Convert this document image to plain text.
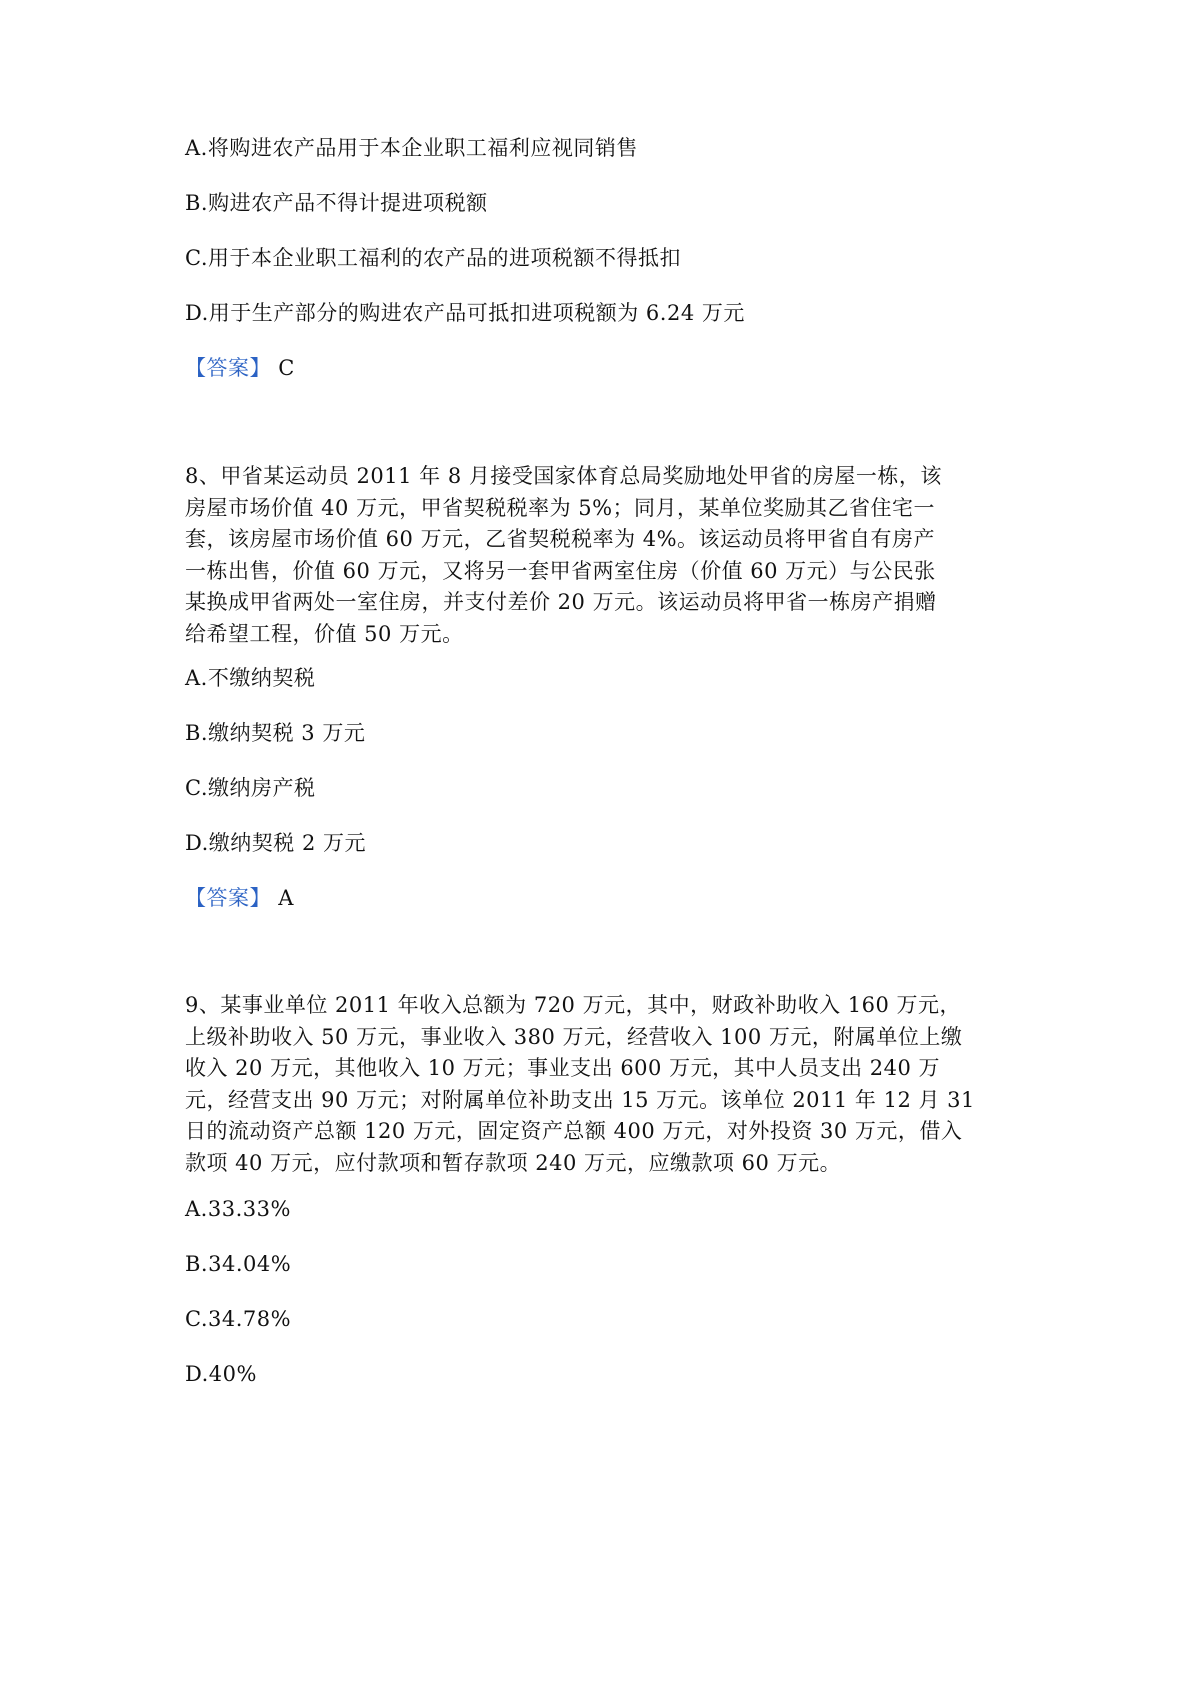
A.将购进农产品用于本企业职工福利应视同销售
B.购进农产品不得计提进项税额
C.用于本企业职工福利的农产品的进项税额不得抵扣
D.用于生产部分的购进农产品可抵扣进项税额为 6.24 万元
【答案】 C
8、甲省某运动员 2011 年 8 月接受国家体育总局奖励地处甲省的房屋一栋，该
房屋市场价值 40 万元，甲省契税税率为 5%；同月，某单位奖励其乙省住宅一
套，该房屋市场价值 60 万元，乙省契税税率为 4%。该运动员将甲省自有房产
一栋出售，价值 60 万元，又将另一套甲省两室住房（价值 60 万元）与公民张
某换成甲省两处一室住房，并支付差价 20 万元。该运动员将甲省一栋房产捐赠
给希望工程，价值 50 万元。
A.不缴纳契税
B.缴纳契税 3 万元
C.缴纳房产税
D.缴纳契税 2 万元
【答案】 A
9、某事业单位 2011 年收入总额为 720 万元，其中，财政补助收入 160 万元，
上级补助收入 50 万元，事业收入 380 万元，经营收入 100 万元，附属单位上缴
收入 20 万元，其他收入 10 万元；事业支出 600 万元，其中人员支出 240 万
元，经营支出 90 万元；对附属单位补助支出 15 万元。该单位 2011 年 12 月 31
日的流动资产总额 120 万元，固定资产总额 400 万元，对外投资 30 万元，借入
款项 40 万元，应付款项和暂存款项 240 万元，应缴款项 60 万元。
A.33.33%
B.34.04%
C.34.78%
D.40%
